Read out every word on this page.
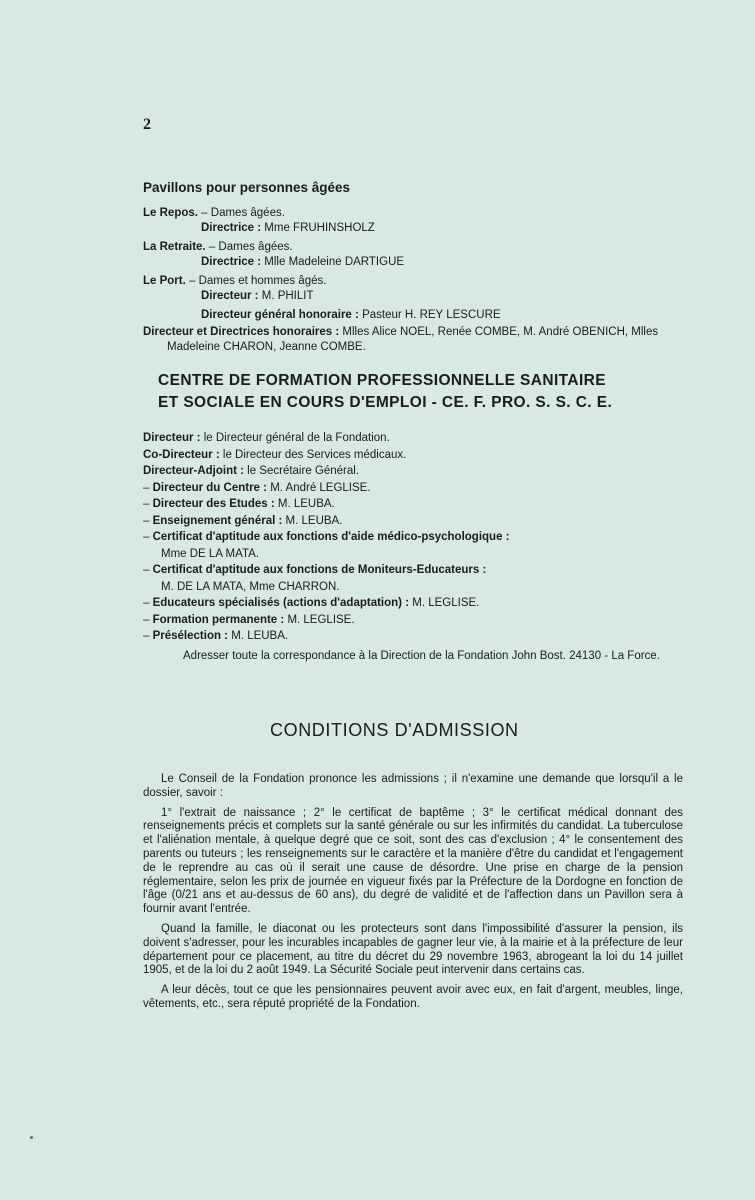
2
Pavillons pour personnes âgées
Le Repos. – Dames âgées.
Directrice : Mme FRUHINSHOLZ
La Retraite. – Dames âgées.
Directrice : Mlle Madeleine DARTIGUE
Le Port. – Dames et hommes âgés.
Directeur : M. PHILIT
Directeur général honoraire : Pasteur H. REY LESCURE
Directeur et Directrices honoraires : Mlles Alice NOEL, Renée COMBE, M. André OBENICH, Mlles Madeleine CHARON, Jeanne COMBE.
CENTRE DE FORMATION PROFESSIONNELLE SANITAIRE
ET SOCIALE EN COURS D'EMPLOI - CE. F. PRO. S. S. C. E.
Directeur : le Directeur général de la Fondation.
Co-Directeur : le Directeur des Services médicaux.
Directeur-Adjoint : le Secrétaire Général.
– Directeur du Centre : M. André LEGLISE.
– Directeur des Etudes : M. LEUBA.
– Enseignement général : M. LEUBA.
– Certificat d'aptitude aux fonctions d'aide médico-psychologique :
Mme DE LA MATA.
– Certificat d'aptitude aux fonctions de Moniteurs-Educateurs :
M. DE LA MATA, Mme CHARRON.
– Educateurs spécialisés (actions d'adaptation) : M. LEGLISE.
– Formation permanente : M. LEGLISE.
– Présélection : M. LEUBA.
Adresser toute la correspondance à la Direction de la Fondation John Bost. 24130 - La Force.
CONDITIONS D'ADMISSION

Le Conseil de la Fondation prononce les admissions ; il n'examine une demande que lorsqu'il a le dossier, savoir :

1° l'extrait de naissance ; 2° le certificat de baptême ; 3° le certificat médical donnant des renseignements précis et complets sur la santé générale ou sur les infirmités du candidat. La tuberculose et l'aliénation mentale, à quelque degré que ce soit, sont des cas d'exclusion ; 4° le consentement des parents ou tuteurs ; les renseignements sur le caractère et la manière d'être du candidat et l'engagement de le reprendre au cas où il serait une cause de désordre. Une prise en charge de la pension réglementaire, selon les prix de journée en vigueur fixés par la Préfecture de la Dordogne en fonction de l'âge (0/21 ans et au-dessus de 60 ans), du degré de validité et de l'affection dans un Pavillon sera à fournir avant l'entrée.

Quand la famille, le diaconat ou les protecteurs sont dans l'impossibilité d'assurer la pension, ils doivent s'adresser, pour les incurables incapables de gagner leur vie, à la mairie et à la préfecture de leur département pour ce placement, au titre du décret du 29 novembre 1963, abrogeant la loi du 14 juillet 1905, et de la loi du 2 août 1949. La Sécurité Sociale peut intervenir dans certains cas.

A leur décès, tout ce que les pensionnaires peuvent avoir avec eux, en fait d'argent, meubles, linge, vêtements, etc., sera réputé propriété de la Fondation.
